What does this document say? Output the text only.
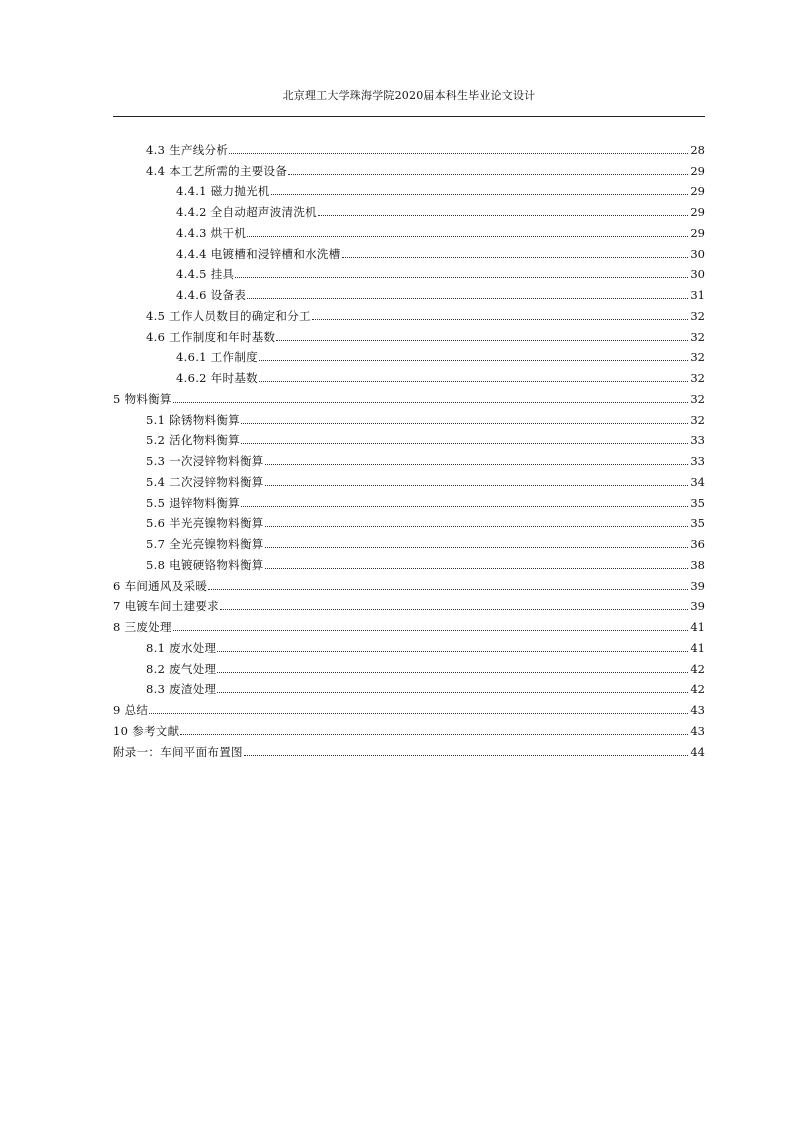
北京理工大学珠海学院2020届本科生毕业论文设计
4.3 生产线分析	28
4.4 本工艺所需的主要设备	29
4.4.1 磁力抛光机	29
4.4.2 全自动超声波清洗机	29
4.4.3 烘干机	29
4.4.4 电镀槽和浸锌槽和水洗槽	30
4.4.5 挂具	30
4.4.6 设备表	31
4.5 工作人员数目的确定和分工	32
4.6 工作制度和年时基数	32
4.6.1 工作制度	32
4.6.2 年时基数	32
5 物料衡算	32
5.1 除锈物料衡算	32
5.2 活化物料衡算	33
5.3 一次浸锌物料衡算	33
5.4 二次浸锌物料衡算	34
5.5 退锌物料衡算	35
5.6 半光亮镍物料衡算	35
5.7 全光亮镍物料衡算	36
5.8 电镀硬铬物料衡算	38
6 车间通风及采暖	39
7 电镀车间土建要求	39
8 三废处理	41
8.1 废水处理	41
8.2 废气处理	42
8.3 废渣处理	42
9 总结	43
10 参考文献	43
附录一：车间平面布置图	44
